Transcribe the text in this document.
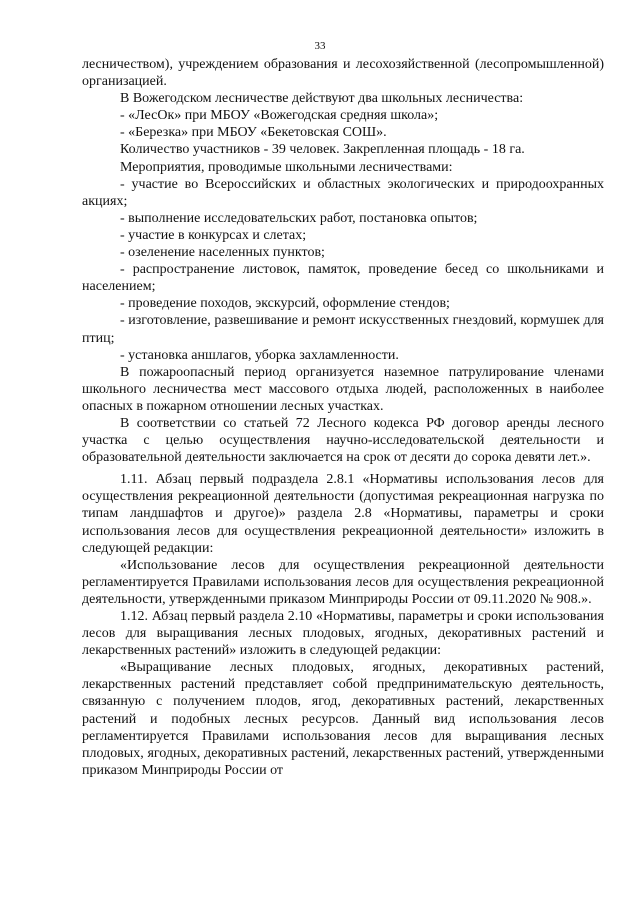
33

лесничеством), учреждением образования и лесохозяйственной (лесопромышленной) организацией.

В Вожегодском лесничестве действуют два школьных лесничества:

- «ЛесОк» при МБОУ «Вожегодская средняя школа»;

- «Березка» при МБОУ «Бекетовская СОШ».

Количество участников - 39 человек. Закрепленная площадь - 18 га.

Мероприятия, проводимые школьными лесничествами:

- участие во Всероссийских и областных экологических и природоохранных акциях;

- выполнение исследовательских работ, постановка опытов;

- участие в конкурсах и слетах;

- озеленение населенных пунктов;

- распространение листовок, памяток, проведение бесед со школьниками и населением;

- проведение походов, экскурсий, оформление стендов;

- изготовление, развешивание и ремонт искусственных гнездовий, кормушек для птиц;

- установка аншлагов, уборка захламленности.

В пожароопасный период организуется наземное патрулирование членами школьного лесничества мест массового отдыха людей, расположенных в наиболее опасных в пожарном отношении лесных участках.

В соответствии со статьей 72 Лесного кодекса РФ договор аренды лесного участка с целью осуществления научно-исследовательской деятельности и образовательной деятельности заключается на срок от десяти до сорока девяти лет.».

1.11. Абзац первый подраздела 2.8.1 «Нормативы использования лесов для осуществления рекреационной деятельности (допустимая рекреационная нагрузка по типам ландшафтов и другое)» раздела 2.8 «Нормативы, параметры и сроки использования лесов для осуществления рекреационной деятельности» изложить в следующей редакции:

«Использование лесов для осуществления рекреационной деятельности регламентируется Правилами использования лесов для осуществления рекреационной деятельности, утвержденными приказом Минприроды России от 09.11.2020 № 908.».

1.12. Абзац первый раздела 2.10 «Нормативы, параметры и сроки использования лесов для выращивания лесных плодовых, ягодных, декоративных растений и лекарственных растений» изложить в следующей редакции:

«Выращивание лесных плодовых, ягодных, декоративных растений, лекарственных растений представляет собой предпринимательскую деятельность, связанную с получением плодов, ягод, декоративных растений, лекарственных растений и подобных лесных ресурсов. Данный вид использования лесов регламентируется Правилами использования лесов для выращивания лесных плодовых, ягодных, декоративных растений, лекарственных растений, утвержденными приказом Минприроды России от
